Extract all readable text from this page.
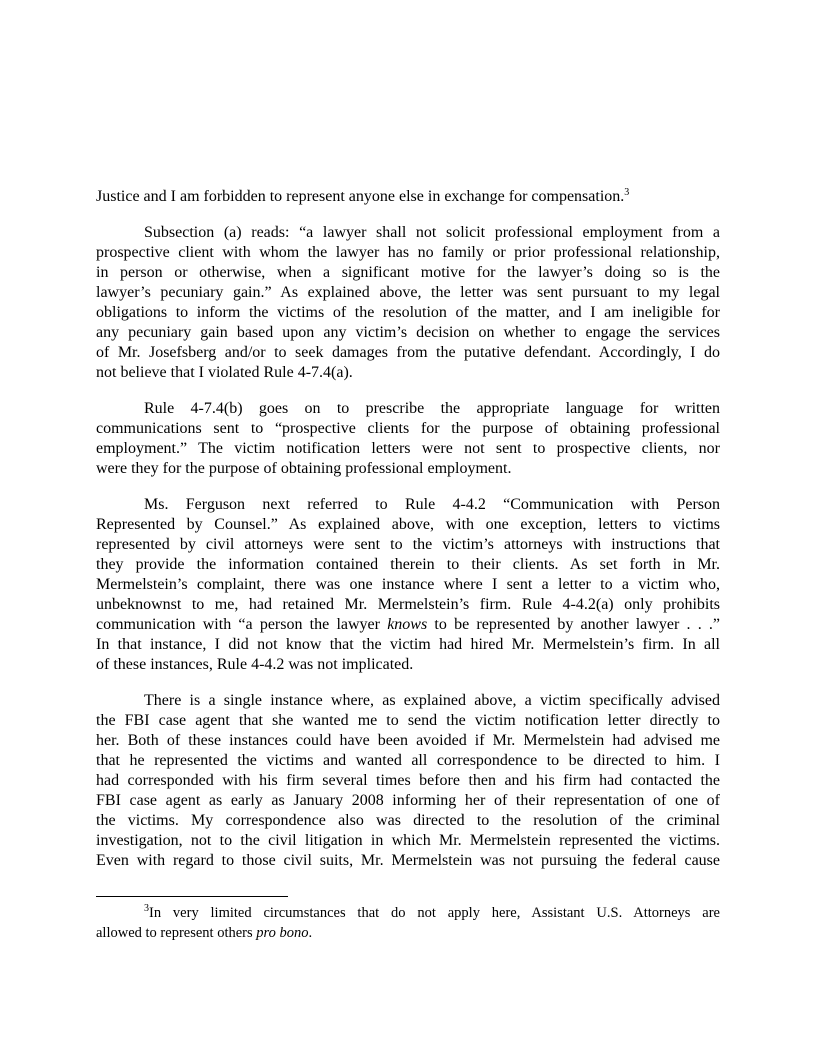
Justice and I am forbidden to represent anyone else in exchange for compensation.$^3$
Subsection (a) reads: “a lawyer shall not solicit professional employment from a
prospective client with whom the lawyer has no family or prior professional relationship,
in person or otherwise, when a significant motive for the lawyer’s doing so is the
lawyer’s pecuniary gain.” As explained above, the letter was sent pursuant to my legal
obligations to inform the victims of the resolution of the matter, and I am ineligible for
any pecuniary gain based upon any victim’s decision on whether to engage the services
of Mr. Josefsberg and/or to seek damages from the putative defendant. Accordingly, I do
not believe that I violated Rule 4-7.4(a).
Rule 4-7.4(b) goes on to prescribe the appropriate language for written
communications sent to “prospective clients for the purpose of obtaining professional
employment.” The victim notification letters were not sent to prospective clients, nor
were they for the purpose of obtaining professional employment.
Ms. Ferguson next referred to Rule 4-4.2 “Communication with Person
Represented by Counsel.” As explained above, with one exception, letters to victims
represented by civil attorneys were sent to the victim’s attorneys with instructions that
they provide the information contained therein to their clients. As set forth in Mr.
Mermelstein’s complaint, there was one instance where I sent a letter to a victim who,
unbeknownst to me, had retained Mr. Mermelstein’s firm. Rule 4-4.2(a) only prohibits
communication with “a person the lawyer knows to be represented by another lawyer . . .”
In that instance, I did not know that the victim had hired Mr. Mermelstein’s firm. In all
of these instances, Rule 4-4.2 was not implicated.
There is a single instance where, as explained above, a victim specifically advised
the FBI case agent that she wanted me to send the victim notification letter directly to
her. Both of these instances could have been avoided if Mr. Mermelstein had advised me
that he represented the victims and wanted all correspondence to be directed to him. I
had corresponded with his firm several times before then and his firm had contacted the
FBI case agent as early as January 2008 informing her of their representation of one of
the victims. My correspondence also was directed to the resolution of the criminal
investigation, not to the civil litigation in which Mr. Mermelstein represented the victims.
Even with regard to those civil suits, Mr. Mermelstein was not pursuing the federal cause
$^3$In very limited circumstances that do not apply here, Assistant U.S. Attorneys are
allowed to represent others pro bono.
